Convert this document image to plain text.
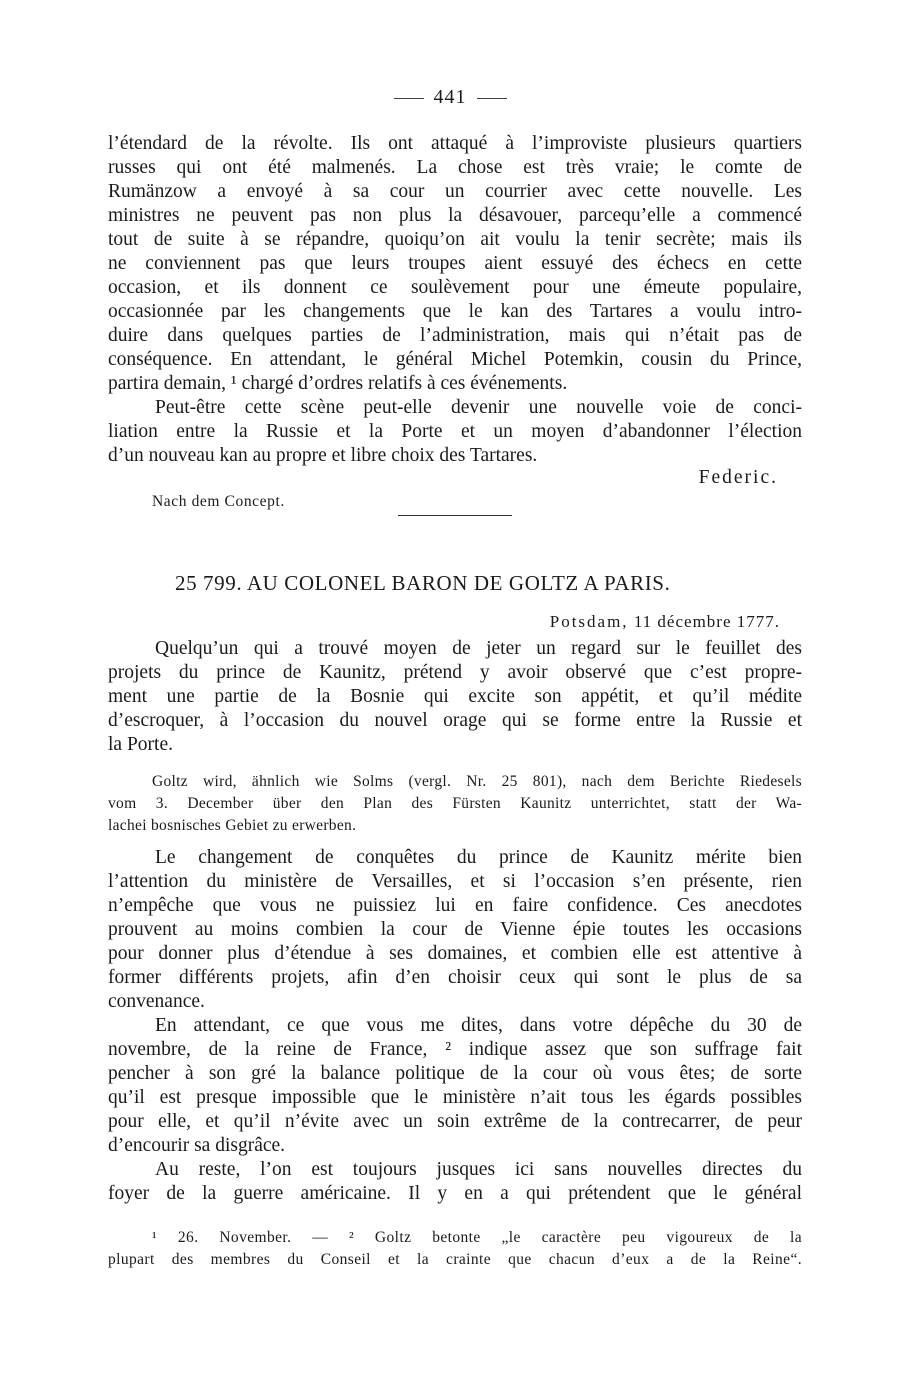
441
l’étendard de la révolte. Ils ont attaqué à l’improviste plusieurs quartiers
russes qui ont été malmenés. La chose est très vraie; le comte de
Rumänzow a envoyé à sa cour un courrier avec cette nouvelle. Les
ministres ne peuvent pas non plus la désavouer, parcequ’elle a commencé
tout de suite à se répandre, quoiqu’on ait voulu la tenir secrète; mais ils
ne conviennent pas que leurs troupes aient essuyé des échecs en cette
occasion, et ils donnent ce soulèvement pour une émeute populaire,
occasionnée par les changements que le kan des Tartares a voulu intro-
duire dans quelques parties de l’administration, mais qui n’était pas de
conséquence. En attendant, le général Michel Potemkin, cousin du Prince,
partira demain, ¹ chargé d’ordres relatifs à ces événements.
Peut-être cette scène peut-elle devenir une nouvelle voie de conci-
liation entre la Russie et la Porte et un moyen d’abandonner l’élection
d’un nouveau kan au propre et libre choix des Tartares.
Federic.
Nach dem Concept.
25 799. AU COLONEL BARON DE GOLTZ A PARIS.
Potsdam, 11 décembre 1777.
Quelqu’un qui a trouvé moyen de jeter un regard sur le feuillet des
projets du prince de Kaunitz, prétend y avoir observé que c’est propre-
ment une partie de la Bosnie qui excite son appétit, et qu’il médite
d’escroquer, à l’occasion du nouvel orage qui se forme entre la Russie et
la Porte.
Goltz wird, ähnlich wie Solms (vergl. Nr. 25 801), nach dem Berichte Riedesels
vom 3. December über den Plan des Fürsten Kaunitz unterrichtet, statt der Wa-
lachei bosnisches Gebiet zu erwerben.
Le changement de conquêtes du prince de Kaunitz mérite bien
l’attention du ministère de Versailles, et si l’occasion s’en présente, rien
n’empêche que vous ne puissiez lui en faire confidence. Ces anecdotes
prouvent au moins combien la cour de Vienne épie toutes les occasions
pour donner plus d’étendue à ses domaines, et combien elle est attentive à
former différents projets, afin d’en choisir ceux qui sont le plus de sa
convenance.
En attendant, ce que vous me dites, dans votre dépêche du 30 de
novembre, de la reine de France, ² indique assez que son suffrage fait
pencher à son gré la balance politique de la cour où vous êtes; de sorte
qu’il est presque impossible que le ministère n’ait tous les égards possibles
pour elle, et qu’il n’évite avec un soin extrême de la contrecarrer, de peur
d’encourir sa disgrâce.
Au reste, l’on est toujours jusques ici sans nouvelles directes du
foyer de la guerre américaine. Il y en a qui prétendent que le général
¹ 26. November. — ² Goltz betonte „le caractère peu vigoureux de la
plupart des membres du Conseil et la crainte que chacun d’eux a de la Reine“.
